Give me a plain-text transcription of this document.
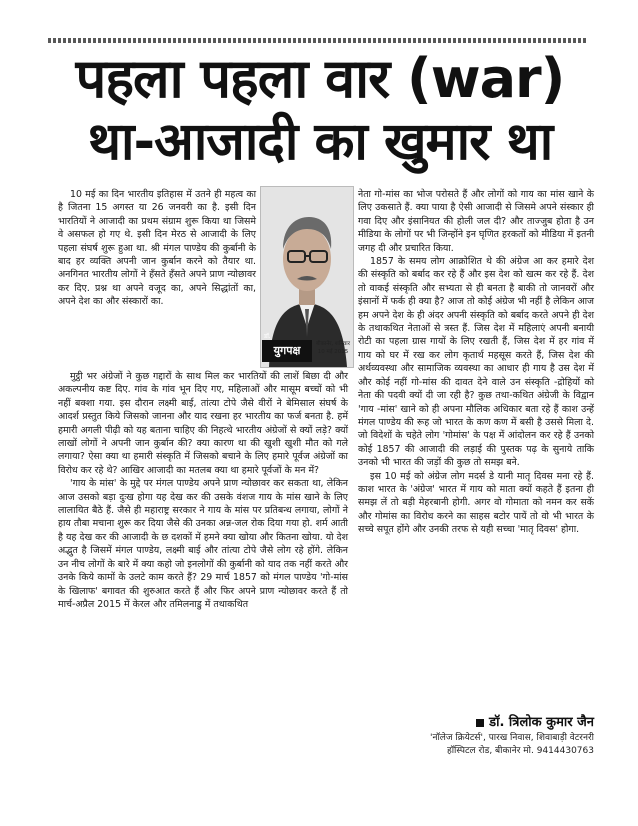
पहला पहला वार (war)
था-आजादी का खुमार था

10 मई का दिन भारतीय इतिहास में उतने ही महत्व का है जितना 15 अगस्त या 26 जनवरी का है. इसी दिन भारतियों ने आजादी का प्रथम संग्राम शुरू किया था जिसमे वे असफल हो गए थे. इसी दिन मेरठ से आजादी के लिए पहला संघर्ष शुरू हुआ था. श्री मंगल पाण्डेय की कुर्बानी के बाद हर व्यक्ति अपनी जान कुर्बान करने को तैयार था. अनगिनत भारतीय लोगों ने हँसते हँसते अपने प्राण न्योछावर कर दिए. प्रश्न था अपने वजूद का, अपने सिद्धांतों का, अपने देश का और संस्कारों का.

युगपक्ष
डॉ.
बीकानेर, शनिवार
10 मई 2015

मुट्ठी भर अंग्रेजों ने कुछ गद्दारों के साथ मिल कर भारतियों की लाशें बिछा दी और अकल्पनीय कष्ट दिए. गांव के गांव भून दिए गए, महिलाओं और मासूम बच्चों को भी नहीं बक्शा गया. इस दौरान लक्ष्मी बाई, तांत्या टोपे जैसे वीरों ने बेमिसाल संघर्ष के आदर्श प्रस्तुत किये जिसको जानना और याद रखना हर भारतीय का फर्ज बनता है. हमें हमारी अगली पीढ़ी को यह बताना चाहिए की निहत्थे भारतीय अंग्रेजों से क्यों लड़े? क्यों लाखों लोगों ने अपनी जान कुर्बान की? क्या कारण था की खुशी खुशी मौत को गले लगाया? ऐसा क्या था हमारी संस्कृति में जिसको बचाने के लिए हमारे पूर्वज अंग्रेजों का विरोध कर रहे थे? आखिर आजादी का मतलब क्या था हमारे पूर्वजों के मन में?

'गाय के मांस' के मुद्दे पर मंगल पाण्डेय अपने प्राण न्योछावर कर सकता था, लेकिन आज उसको बड़ा दुःख होगा यह देख कर की उसके वंशज गाय के मांस खाने के लिए लालायित बैठे हैं. जैसे ही महाराष्ट्र सरकार ने गाय के मांस पर प्रतिबन्ध लगाया, लोगों ने हाय तौबा मचाना शुरू कर दिया जैसे की उनका अन्न-जल रोक दिया गया हो. शर्म आती है यह देख कर की आजादी के छ दशकों में हमने क्या खोया और कितना खोया. यो देश अद्भुत है जिसमें मंगल पाण्डेय, लक्ष्मी बाई और तांत्या टोपे जैसे लोग रहे होंगे. लेकिन उन नीच लोगों के बारे में क्या कहो जो इनलोगों की कुर्बानी को याद तक नहीं करते और उनके किये कामों के उलटे काम करते हैं? 29 मार्च 1857 को मंगल पाण्डेय 'गो-मांस के खिलाफ' बगावत की शुरुआत करते हैं और फिर अपने प्राण न्योछावर करते हैं तो मार्च-अप्रैल 2015 में केरल और तमिलनाडु में तथाकथित

नेता गो-मांस का भोज परोसते हैं और लोगों को गाय का मांस खाने के लिए उकसाते हैं. क्या पाया है ऐसी आजादी से जिसमे अपने संस्कार ही गवा दिए और इंसानियत की होली जल दी? और ताज्जुब होता है उन मीडिया के लोगों पर भी जिन्होंने इन घृणित हरकतों को मीडिया में इतनी जगह दी और प्रचारित किया.

1857 के समय लोग आक्रोशित थे की अंग्रेज आ कर हमारे देश की संस्कृति को बर्बाद कर रहे हैं और इस देश को खत्म कर रहे हैं. देश तो वाकई संस्कृति और सभ्यता से ही बनता है बाकी तो जानवरों और इंसानों में फर्क ही क्या है? आज तो कोई अंग्रेज भी नहीं है लेकिन आज हम अपने देश के ही अंदर अपनी संस्कृति को बर्बाद करते अपने ही देश के तथाकथित नेताओं से त्रस्त हैं. जिस देश में महिलाएं अपनी बनायी रोटी का पहला ग्रास गायों के लिए रखती हैं, जिस देश में हर गांव में गाय को घर में रख कर लोग कृतार्थ महसूस करते हैं, जिस देश की अर्थव्यवस्था और सामाजिक व्यवस्था का आधार ही गाय है उस देश में और कोई नहीं गो-मांस की दावत देने वाले उन संस्कृति -द्रोहियों को नेता की पदवी क्यों दी जा रही है? कुछ तथा-कथित अंग्रेजी के विद्वान 'गाय -मांस' खाने को ही अपना मौलिक अधिकार बता रहे हैं काश उन्हें मंगल पाण्डेय की रूह जो भारत के कण कण में बसी है उससे मिला दे. जो विदेशों के चहेते लोग 'गोमांस' के पक्ष में आंदोलन कर रहे हैं उनको कोई 1857 की आजादी की लड़ाई की पुस्तक पढ़ के सुनाये ताकि उनको भी भारत की जड़ों की कुछ तो समझ बने.

इस 10 मई को अंग्रेज लोग मदर्स डे यानी मातृ दिवस मना रहे हैं. काश भारत के 'अंग्रेज' भारत में गाय को माता क्यों कहते हैं इतना ही समझ लें तो बड़ी मेहरबानी होगी. अगर वो गोमाता को नमन कर सकें और गोमांस का विरोध करने का साहस बटोर पायें तो वो भी भारत के सच्चे सपूत होंगे और उनकी तरफ से यही सच्चा 'मातृ दिवस' होगा.

डॉ. त्रिलोक कुमार जैन
'नॉलेज क्रियेटर्स', पारख निवास, शिवाबाड़ी वेटरनरी
हॉस्पिटल रोड, बीकानेर मो. 9414430763
